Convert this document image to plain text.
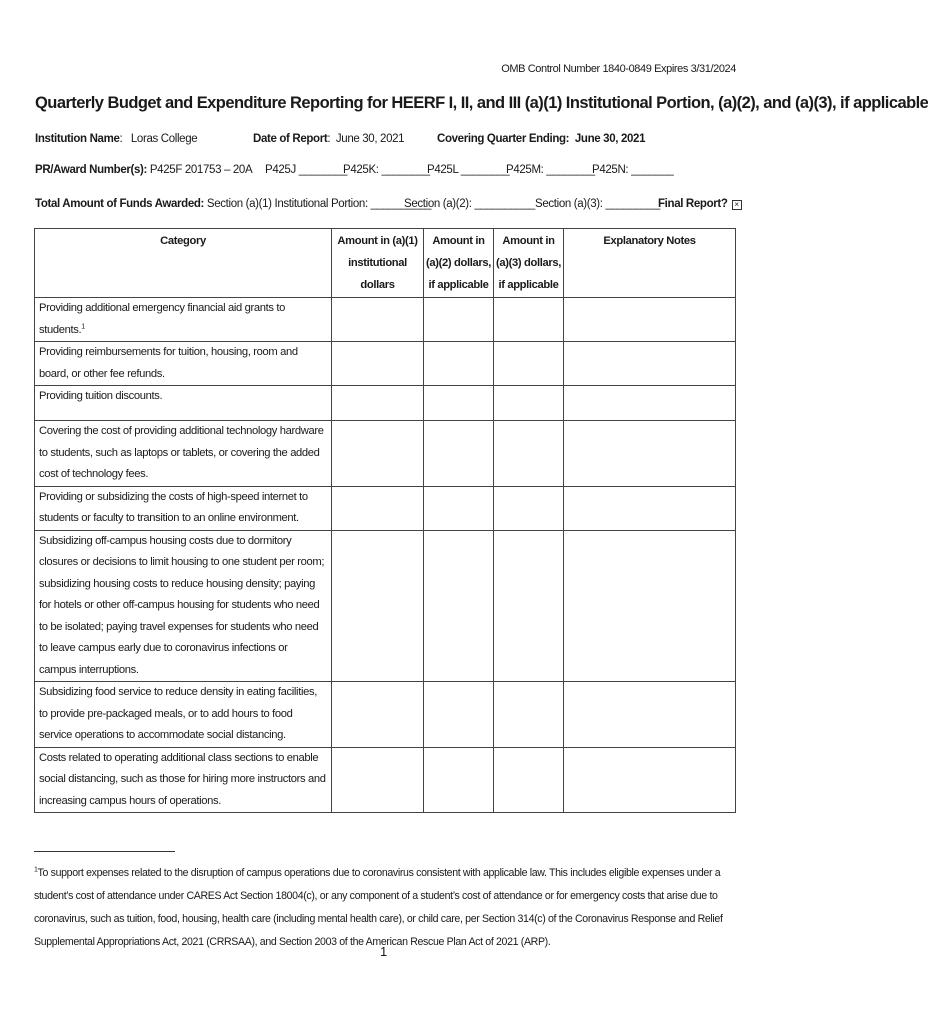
OMB Control Number 1840-0849 Expires 3/31/2024
Quarterly Budget and Expenditure Reporting for HEERF I, II, and III (a)(1) Institutional Portion, (a)(2), and (a)(3), if applicable
Institution Name:   Loras College	Date of Report:  June 30, 2021	Covering Quarter Ending: June 30, 2021
PR/Award Number(s): P425F 201753 – 20A P425J ________
P425K: ________
P425L ________
P425M: ________
P425N: _______
Total Amount of Funds Awarded: Section (a)(1) Institutional Portion: __________
Section (a)(2): __________ Section (a)(3): _________
Final Report? ×
Category	Amount in (a)(1) institutional dollars	Amount in (a)(2) dollars, if applicable	Amount in (a)(3) dollars, if applicable	Explanatory Notes

Providing additional emergency financial aid grants to students.$^1$				
Providing reimbursements for tuition, housing, room and board, or other fee refunds.				
Providing tuition discounts.				
Covering the cost of providing additional technology hardware to students, such as laptops or tablets, or covering the added cost of technology fees.				
Providing or subsidizing the costs of high-speed internet to students or faculty to transition to an online environment.				
Subsidizing off-campus housing costs due to dormitory closures or decisions to limit housing to one student per room; subsidizing housing costs to reduce housing density; paying for hotels or other off-campus housing for students who need to be isolated; paying travel expenses for students who need to leave campus early due to coronavirus infections or campus interruptions.				
Subsidizing food service to reduce density in eating facilities, to provide pre-packaged meals, or to add hours to food service operations to accommodate social distancing.				
Costs related to operating additional class sections to enable social distancing, such as those for hiring more instructors and increasing campus hours of operations.				
$^1$To support expenses related to the disruption of campus operations due to coronavirus consistent with applicable law. This includes eligible expenses under a student’s cost of attendance under CARES Act Section 18004(c), or any component of a student’s cost of attendance or for emergency costs that arise due to coronavirus, such as tuition, food, housing, health care (including mental health care), or child care, per Section 314(c) of the Coronavirus Response and Relief Supplemental Appropriations Act, 2021 (CRRSAA), and Section 2003 of the American Rescue Plan Act of 2021 (ARP).
1
